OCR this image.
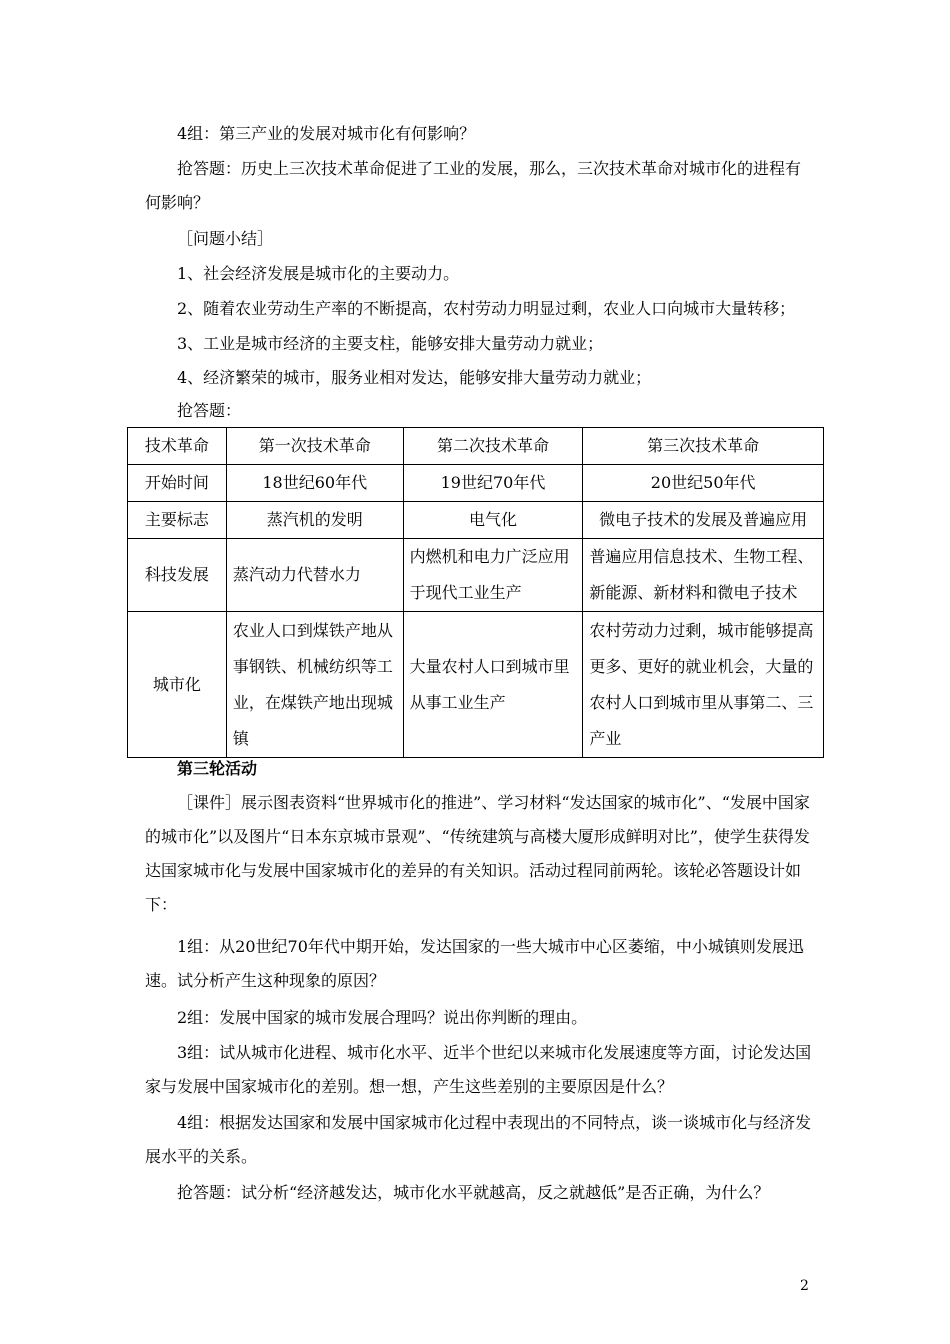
4组：第三产业的发展对城市化有何影响？

抢答题：历史上三次技术革命促进了工业的发展，那么，三次技术革命对城市化的进程有何影响？

［问题小结］

1、社会经济发展是城市化的主要动力。

2、随着农业劳动生产率的不断提高，农村劳动力明显过剩，农业人口向城市大量转移；

3、工业是城市经济的主要支柱，能够安排大量劳动力就业；

4、经济繁荣的城市，服务业相对发达，能够安排大量劳动力就业；

抢答题：

技术革命	第一次技术革命	第二次技术革命	第三次技术革命
开始时间	18世纪60年代	19世纪70年代	20世纪50年代
主要标志	蒸汽机的发明	电气化	微电子技术的发展及普遍应用
科技发展	蒸汽动力代替水力	内燃机和电力广泛应用于现代工业生产	普遍应用信息技术、生物工程、新能源、新材料和微电子技术
城市化	农业人口到煤铁产地从事钢铁、机械纺织等工业，在煤铁产地出现城镇	大量农村人口到城市里从事工业生产	农村劳动力过剩，城市能够提高更多、更好的就业机会，大量的农村人口到城市里从事第二、三产业

第三轮活动

［课件］展示图表资料“世界城市化的推进”、学习材料“发达国家的城市化”、“发展中国家的城市化”以及图片“日本东京城市景观”、“传统建筑与高楼大厦形成鲜明对比”，使学生获得发达国家城市化与发展中国家城市化的差异的有关知识。活动过程同前两轮。该轮必答题设计如下：

1组：从20世纪70年代中期开始，发达国家的一些大城市中心区萎缩，中小城镇则发展迅速。试分析产生这种现象的原因？

2组：发展中国家的城市发展合理吗？说出你判断的理由。

3组：试从城市化进程、城市化水平、近半个世纪以来城市化发展速度等方面，讨论发达国家与发展中国家城市化的差别。想一想，产生这些差别的主要原因是什么？

4组：根据发达国家和发展中国家城市化过程中表现出的不同特点，谈一谈城市化与经济发展水平的关系。

抢答题：试分析“经济越发达，城市化水平就越高，反之就越低”是否正确，为什么？

2
